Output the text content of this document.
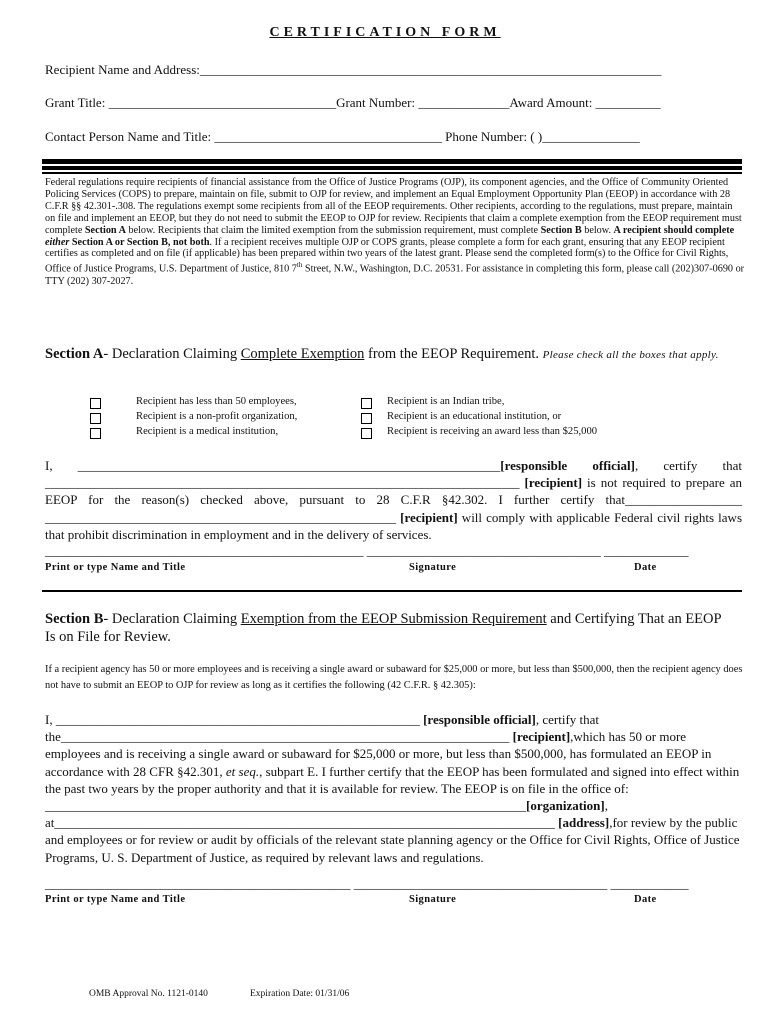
CERTIFICATION FORM
Recipient Name and Address:_______________________________________________________________________
Grant Title: ___________________________________Grant Number: ______________Award Amount: __________
Contact Person Name and Title: ___________________________________ Phone Number: ( )_______________
Federal regulations require recipients of financial assistance from the Office of Justice Programs (OJP), its component agencies, and the Office of Community Oriented Policing Services (COPS) to prepare, maintain on file, submit to OJP for review, and implement an Equal Employment Opportunity Plan (EEOP) in accordance with 28 C.F.R §§ 42.301-.308. The regulations exempt some recipients from all of the EEOP requirements. Other recipients, according to the regulations, must prepare, maintain on file and implement an EEOP, but they do not need to submit the EEOP to OJP for review. Recipients that claim a complete exemption from the EEOP requirement must complete Section A below. Recipients that claim the limited exemption from the submission requirement, must complete Section B below. A recipient should complete either Section A or Section B, not both. If a recipient receives multiple OJP or COPS grants, please complete a form for each grant, ensuring that any EEOP recipient certifies as completed and on file (if applicable) has been prepared within two years of the latest grant. Please send the completed form(s) to the Office for Civil Rights, Office of Justice Programs, U.S. Department of Justice, 810 7th Street, N.W., Washington, D.C. 20531. For assistance in completing this form, please call (202)307-0690 or TTY (202) 307-2027.
Section A- Declaration Claiming Complete Exemption from the EEOP Requirement. Please check all the boxes that apply.
Recipient has less than 50 employees,
Recipient is a non-profit organization,
Recipient is a medical institution,
Recipient is an Indian tribe,
Recipient is an educational institution, or
Recipient is receiving an award less than $25,000
I, _________________________________________________________________[responsible official], certify that _________________________________________________________________________ [recipient] is not required to prepare an EEOP for the reason(s) checked above, pursuant to 28 C.F.R §42.302. I further certify that__________________ ______________________________________________________ [recipient] will comply with applicable Federal civil rights laws that prohibit discrimination in employment and in the delivery of services.
_________________________________________________ ____________________________________ _____________
Print or type Name and Title	Signature	Date
Section B- Declaration Claiming Exemption from the EEOP Submission Requirement and Certifying That an EEOP Is on File for Review.
If a recipient agency has 50 or more employees and is receiving a single award or subaward for $25,000 or more, but less than $500,000, then the recipient agency does not have to submit an EEOP to OJP for review as long as it certifies the following (42 C.F.R. § 42.305):
I, ________________________________________________________ [responsible official], certify that the_____________________________________________________________________ [recipient],which has 50 or more employees and is receiving a single award or subaward for $25,000 or more, but less than $500,000, has formulated an EEOP in accordance with 28 CFR §42.301, et seq., subpart E. I further certify that the EEOP has been formulated and signed into effect within the past two years by the proper authority and that it is available for review. The EEOP is on file in the office of: __________________________________________________________________________[organization], at_____________________________________________________________________________ [address],for review by the public and employees or for review or audit by officials of the relevant state planning agency or the Office for Civil Rights, Office of Justice Programs, U. S. Department of Justice, as required by relevant laws and regulations.
_______________________________________________ _______________________________________ ____________
Print or type Name and Title	Signature	Date
OMB Approval No. 1121-0140	Expiration Date: 01/31/06
